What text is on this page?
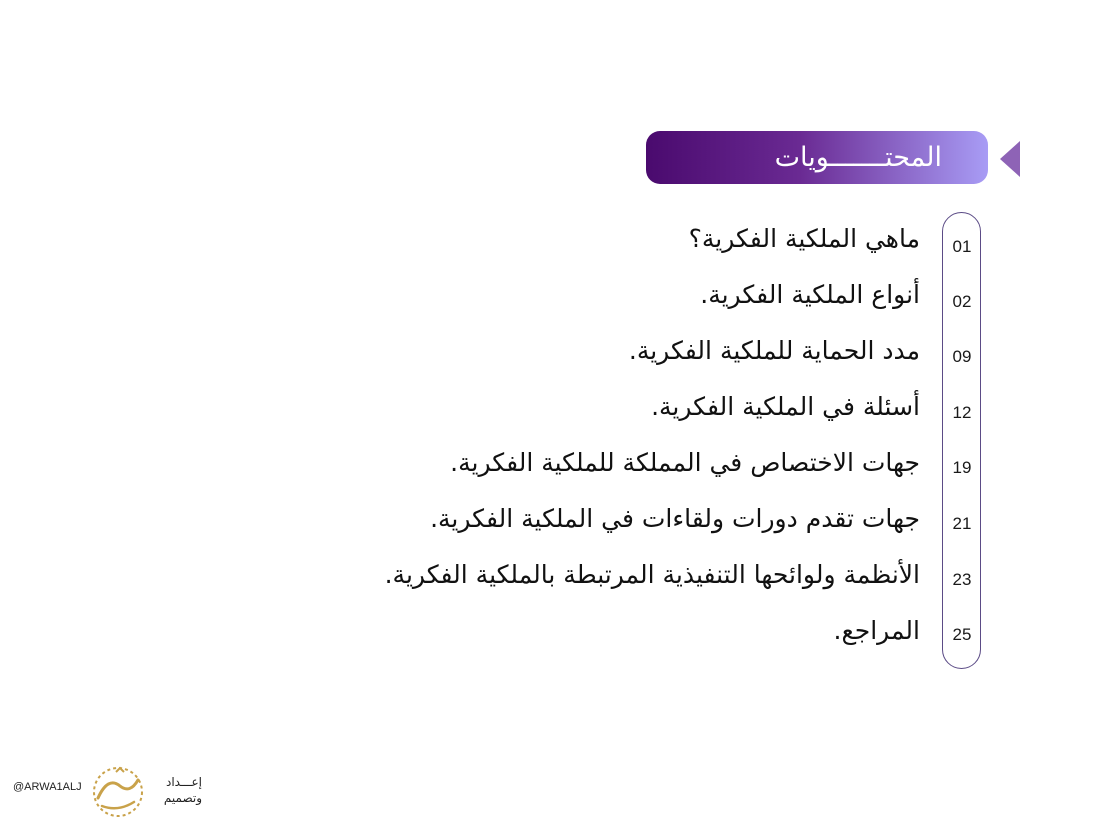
المحتـــــــويات
01
02
09
12
19
21
23
25
ماهي الملكية الفكرية؟
أنواع الملكية الفكرية.
مدد الحماية للملكية الفكرية.
أسئلة في الملكية الفكرية.
جهات الاختصاص في المملكة للملكية الفكرية.
جهات تقدم دورات ولقاءات في الملكية الفكرية.
الأنظمة ولوائحها التنفيذية المرتبطة بالملكية الفكرية.
المراجع.
@ARWA1ALJ	إعـــداد
وتصميم
